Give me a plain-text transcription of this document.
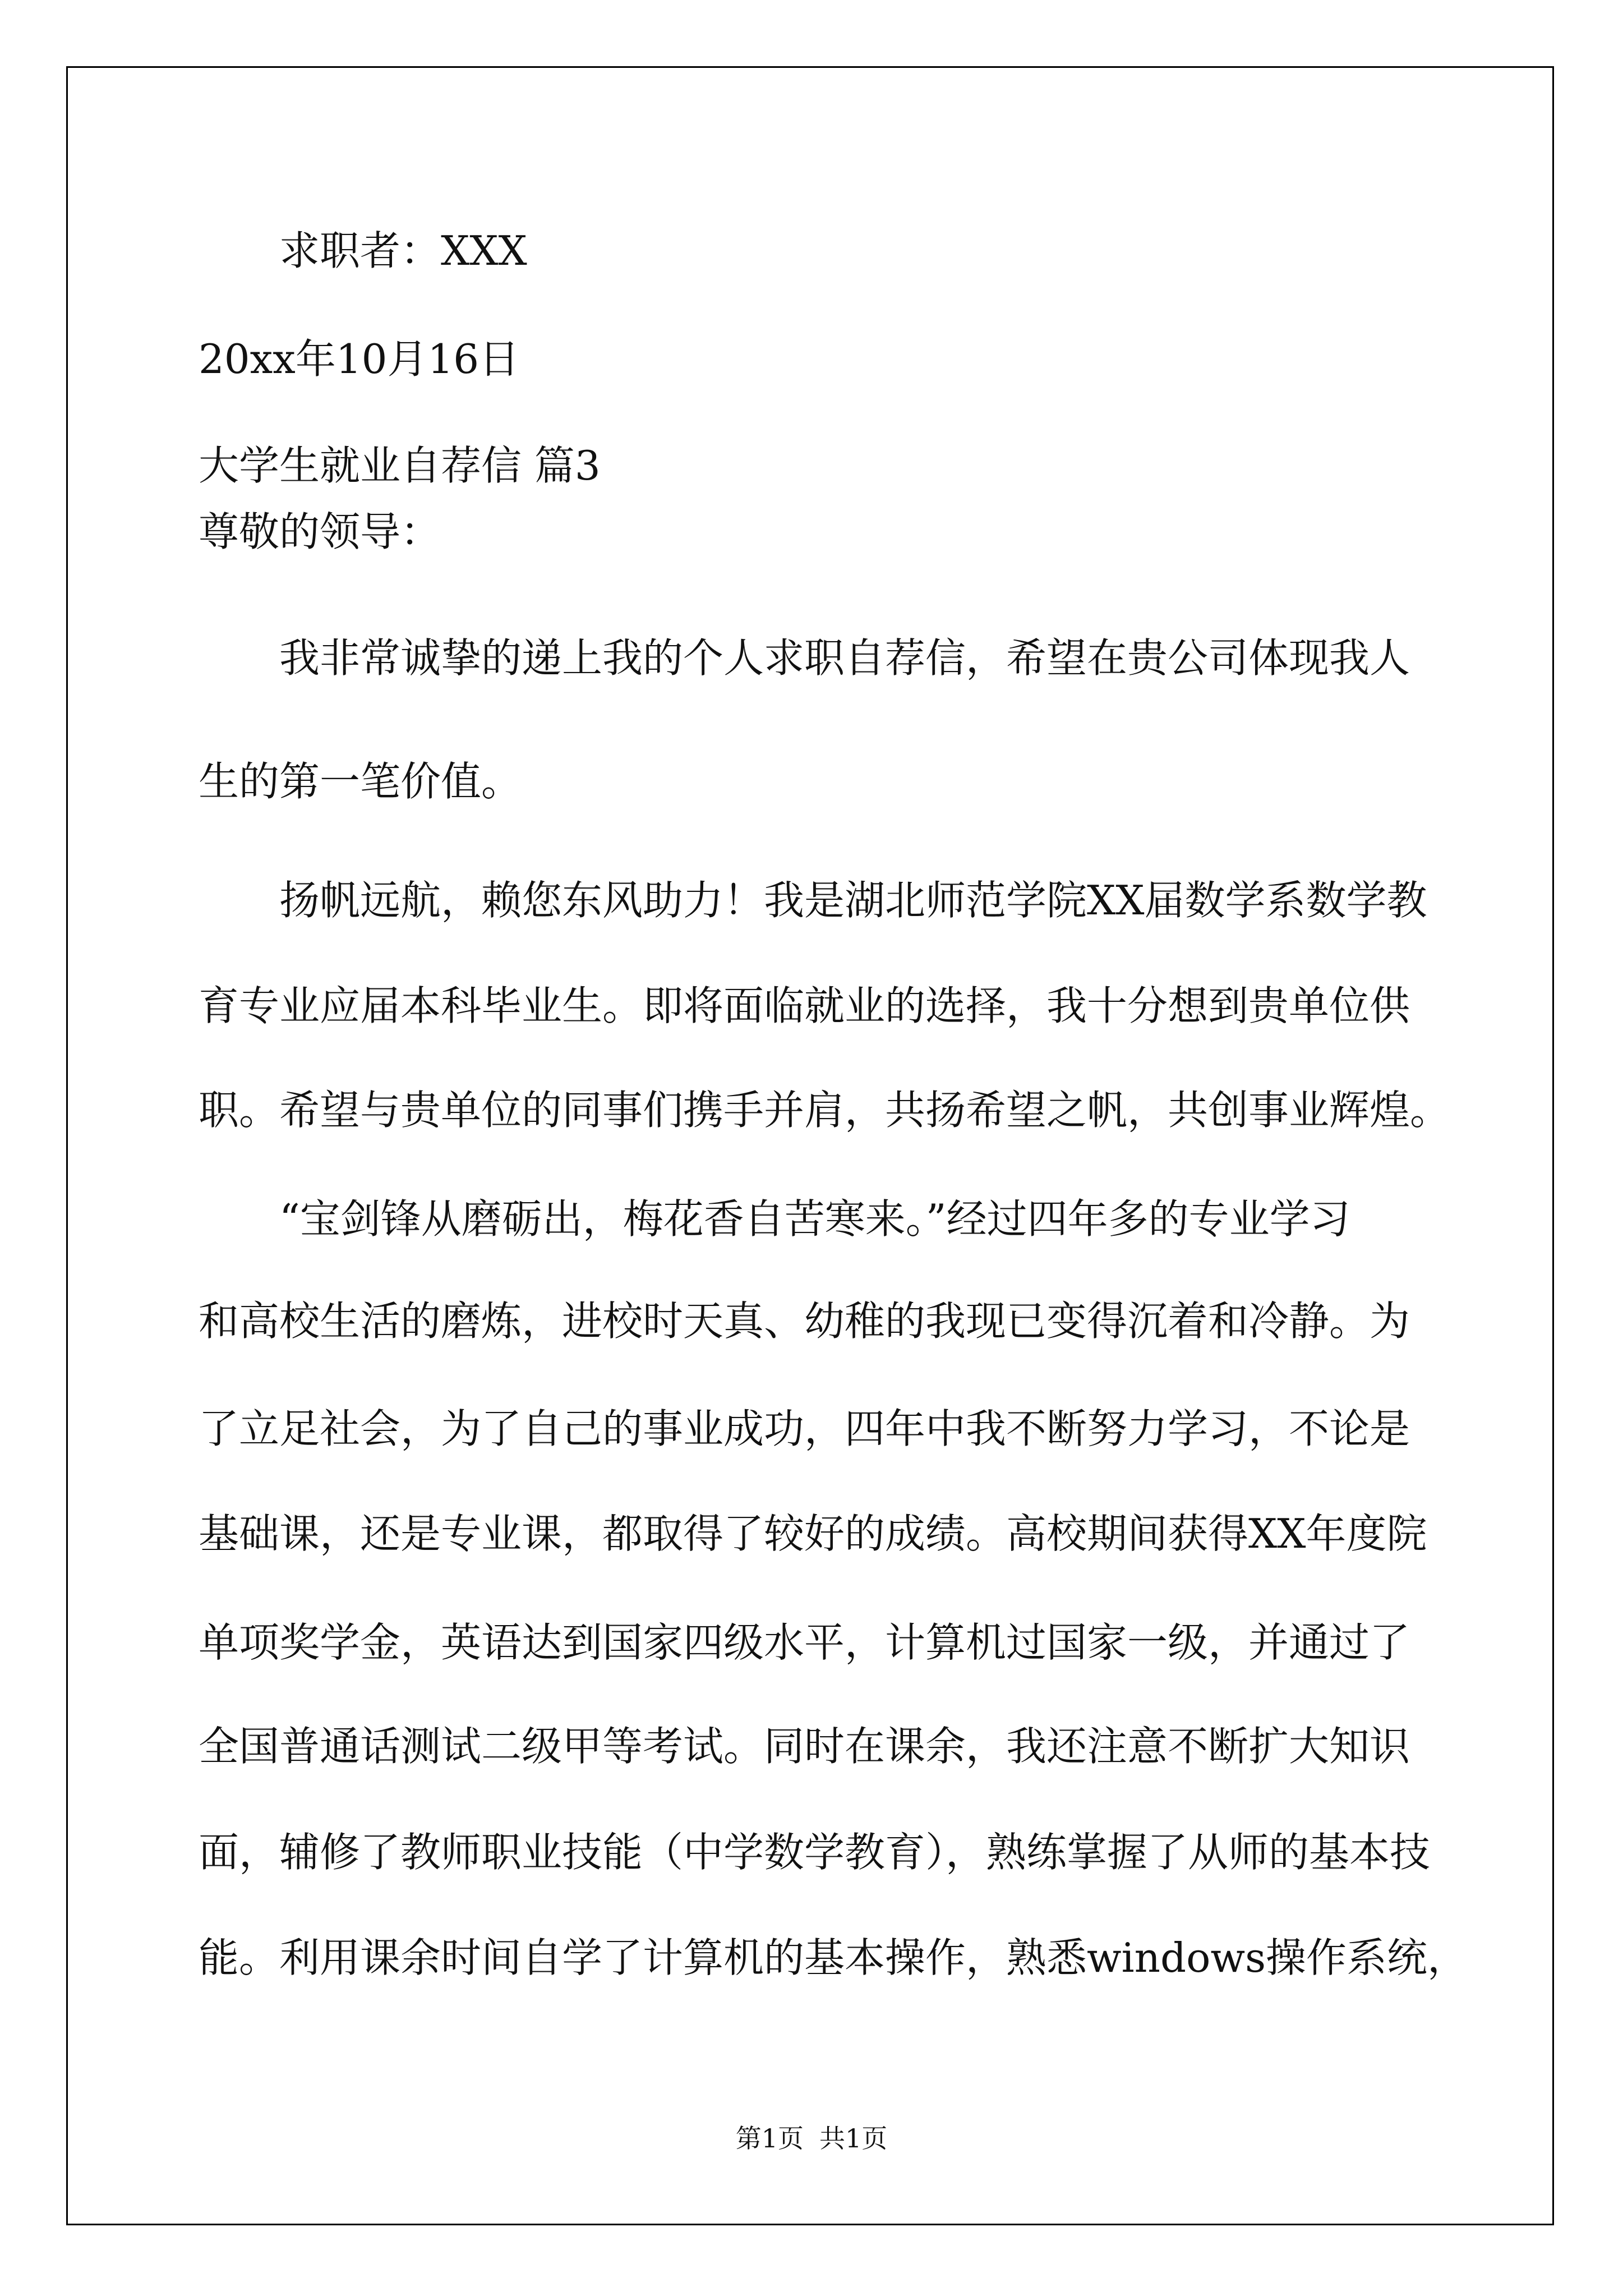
求职者：XXX

20xx年10月16日

大学生就业自荐信 篇3

尊敬的领导：

我非常诚挚的递上我的个人求职自荐信，希望在贵公司体现我人

生的第一笔价值。

扬帆远航，赖您东风助力！我是湖北师范学院XX届数学系数学教

育专业应届本科毕业生。即将面临就业的选择，我十分想到贵单位供

职。希望与贵单位的同事们携手并肩，共扬希望之帆，共创事业辉煌。

“宝剑锋从磨砺出，梅花香自苦寒来。”经过四年多的专业学习

和高校生活的磨炼，进校时天真、幼稚的我现已变得沉着和冷静。为

了立足社会，为了自己的事业成功，四年中我不断努力学习，不论是

基础课，还是专业课，都取得了较好的成绩。高校期间获得XX年度院

单项奖学金，英语达到国家四级水平，计算机过国家一级，并通过了

全国普通话测试二级甲等考试。同时在课余，我还注意不断扩大知识

面，辅修了教师职业技能（中学数学教育），熟练掌握了从师的基本技

能。利用课余时间自学了计算机的基本操作，熟悉windows操作系统，

第1页 共1页
